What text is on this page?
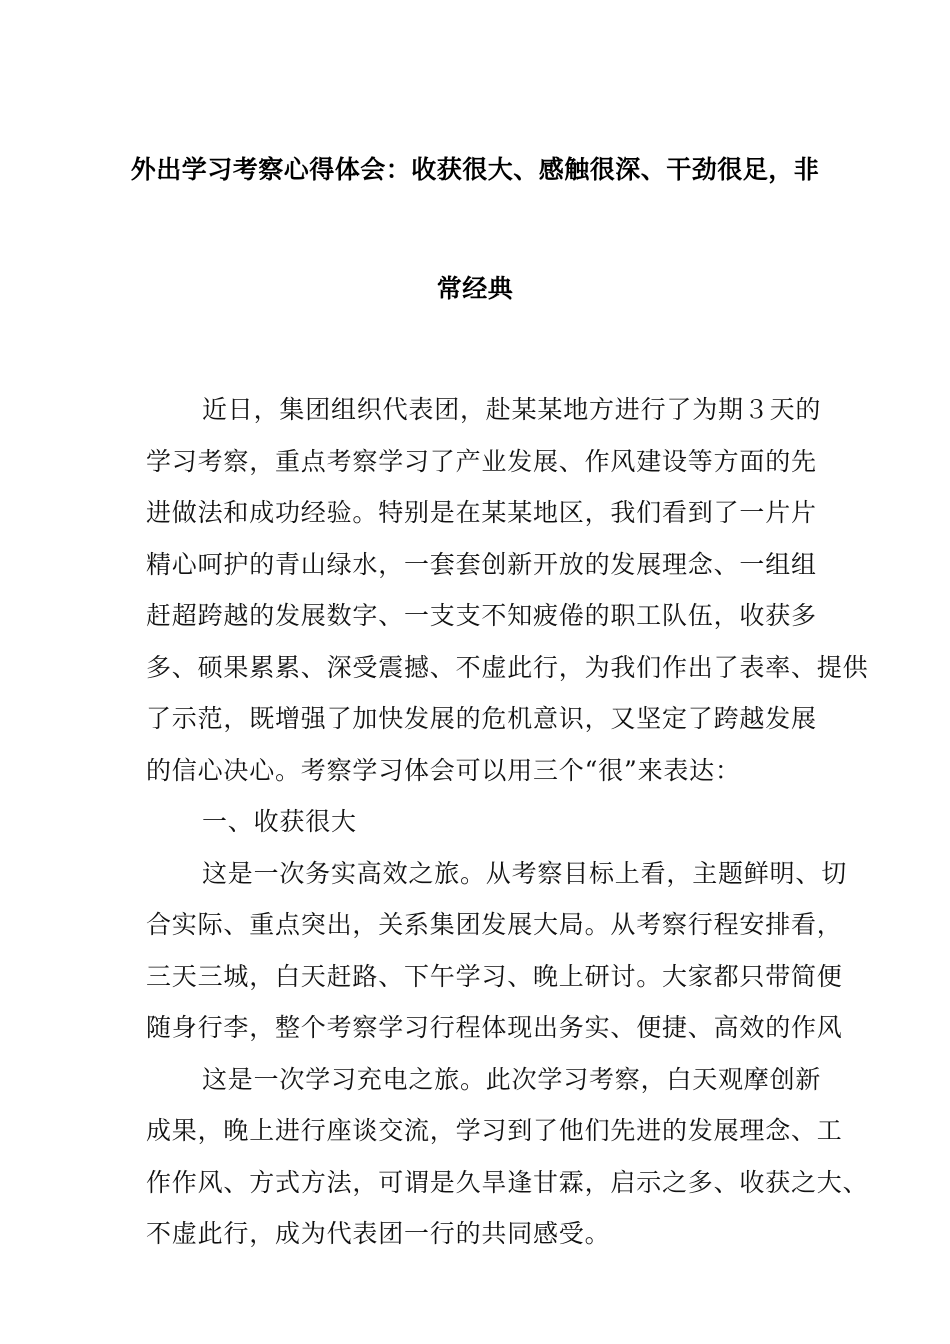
外出学习考察心得体会：收获很大、感触很深、干劲很足，非
常经典
近日，集团组织代表团，赴某某地方进行了为期３天的
学习考察，重点考察学习了产业发展、作风建设等方面的先
进做法和成功经验。特别是在某某地区，我们看到了一片片
精心呵护的青山绿水，一套套创新开放的发展理念、一组组
赶超跨越的发展数字、一支支不知疲倦的职工队伍，收获多
多、硕果累累、深受震撼、不虚此行，为我们作出了表率、提供
了示范，既增强了加快发展的危机意识，又坚定了跨越发展
的信心决心。考察学习体会可以用三个“很”来表达：
一、收获很大
这是一次务实高效之旅。从考察目标上看，主题鲜明、切
合实际、重点突出，关系集团发展大局。从考察行程安排看，
三天三城，白天赶路、下午学习、晚上研讨。大家都只带简便
随身行李，整个考察学习行程体现出务实、便捷、高效的作风
这是一次学习充电之旅。此次学习考察，白天观摩创新
成果，晚上进行座谈交流，学习到了他们先进的发展理念、工
作作风、方式方法，可谓是久旱逢甘霖，启示之多、收获之大、
不虚此行，成为代表团一行的共同感受。
